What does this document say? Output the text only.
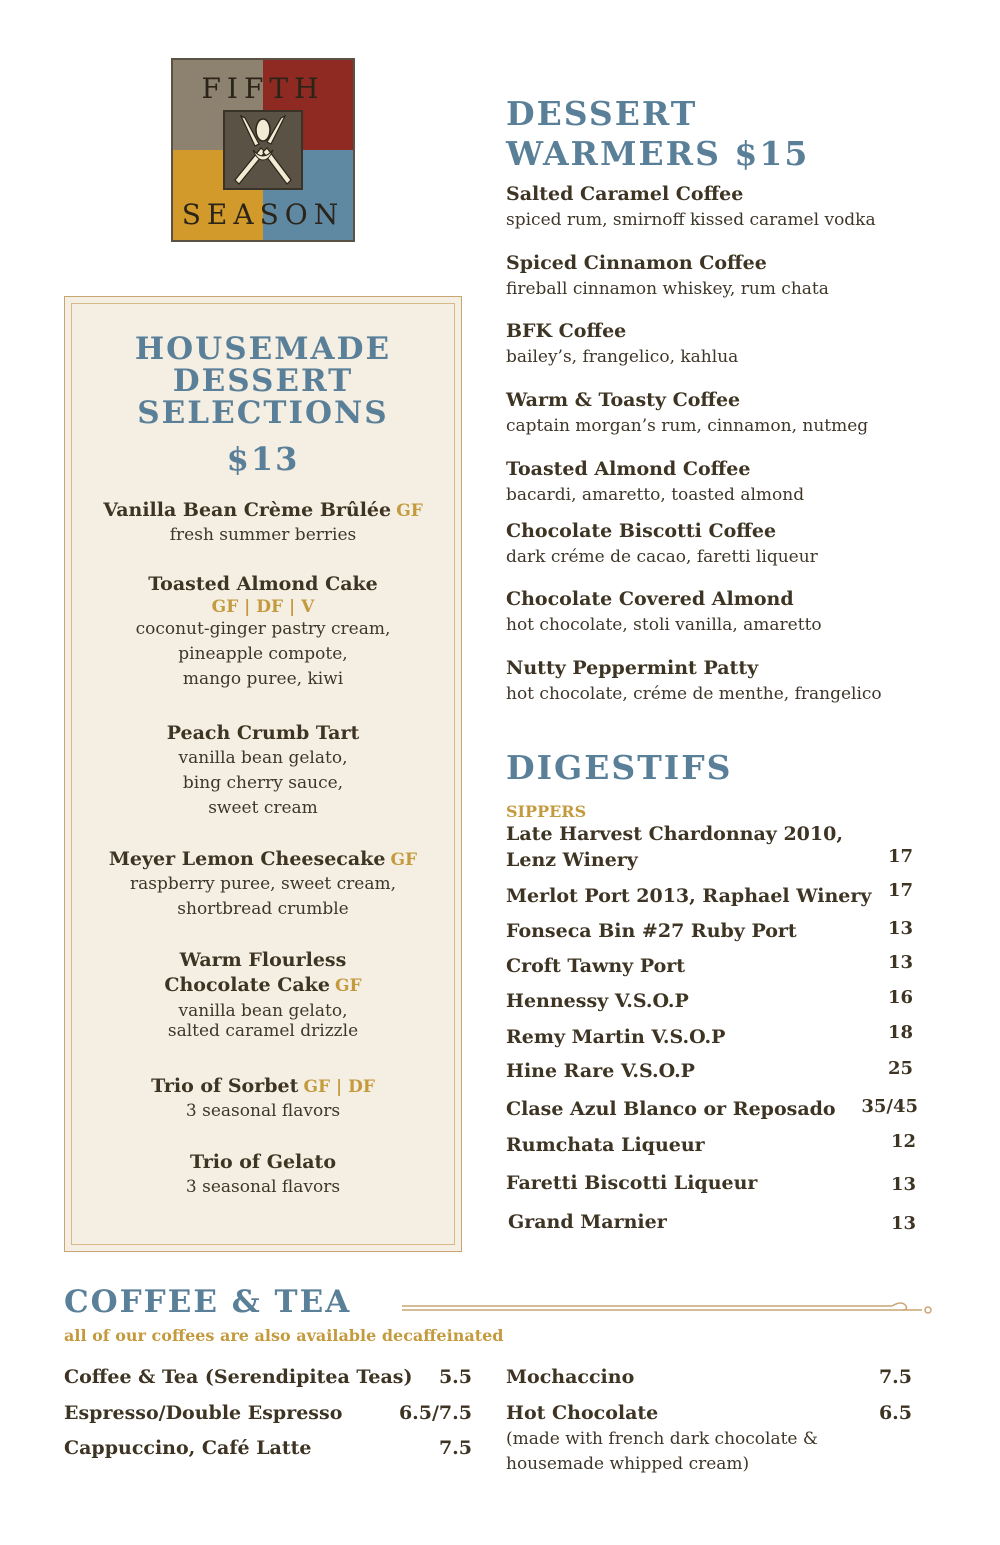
FIFTH
SEASON
HOUSEMADE
DESSERT
SELECTIONS
$13
Vanilla Bean Crème Brûlée GF
fresh summer berries
Toasted Almond Cake
GF | DF | V
coconut-ginger pastry cream,
pineapple compote,
mango puree, kiwi
Peach Crumb Tart
vanilla bean gelato,
bing cherry sauce,
sweet cream
Meyer Lemon Cheesecake GF
raspberry puree, sweet cream,
shortbread crumble
Warm Flourless
Chocolate Cake GF
vanilla bean gelato,
salted caramel drizzle
Trio of Sorbet GF | DF
3 seasonal flavors
Trio of Gelato
3 seasonal flavors
DESSERT
WARMERS $15
Salted Caramel Coffee
spiced rum, smirnoff kissed caramel vodka
Spiced Cinnamon Coffee
fireball cinnamon whiskey, rum chata
BFK Coffee
bailey’s, frangelico, kahlua
Warm & Toasty Coffee
captain morgan’s rum, cinnamon, nutmeg
Toasted Almond Coffee
bacardi, amaretto, toasted almond
Chocolate Biscotti Coffee
dark créme de cacao, faretti liqueur
Chocolate Covered Almond
hot chocolate, stoli vanilla, amaretto
Nutty Peppermint Patty
hot chocolate, créme de menthe, frangelico
DIGESTIFS
SIPPERS
Late Harvest Chardonnay 2010,
Lenz Winery	17
Merlot Port 2013, Raphael Winery 17
Fonseca Bin #27 Ruby Port	13
Croft Tawny Port	13
Hennessy V.S.O.P	16
Remy Martin V.S.O.P	18
Hine Rare V.S.O.P	25
Clase Azul Blanco or Reposado	35/45
Rumchata Liqueur	12
Faretti Biscotti Liqueur	13
Grand Marnier	13
COFFEE & TEA
all of our coffees are also available decaffeinated
Coffee & Tea (Serendipitea Teas)	5.5
Espresso/Double Espresso	6.5/7.5
Cappuccino, Café Latte	7.5
Mochaccino	7.5
Hot Chocolate	6.5
(made with french dark chocolate &
housemade whipped cream)
